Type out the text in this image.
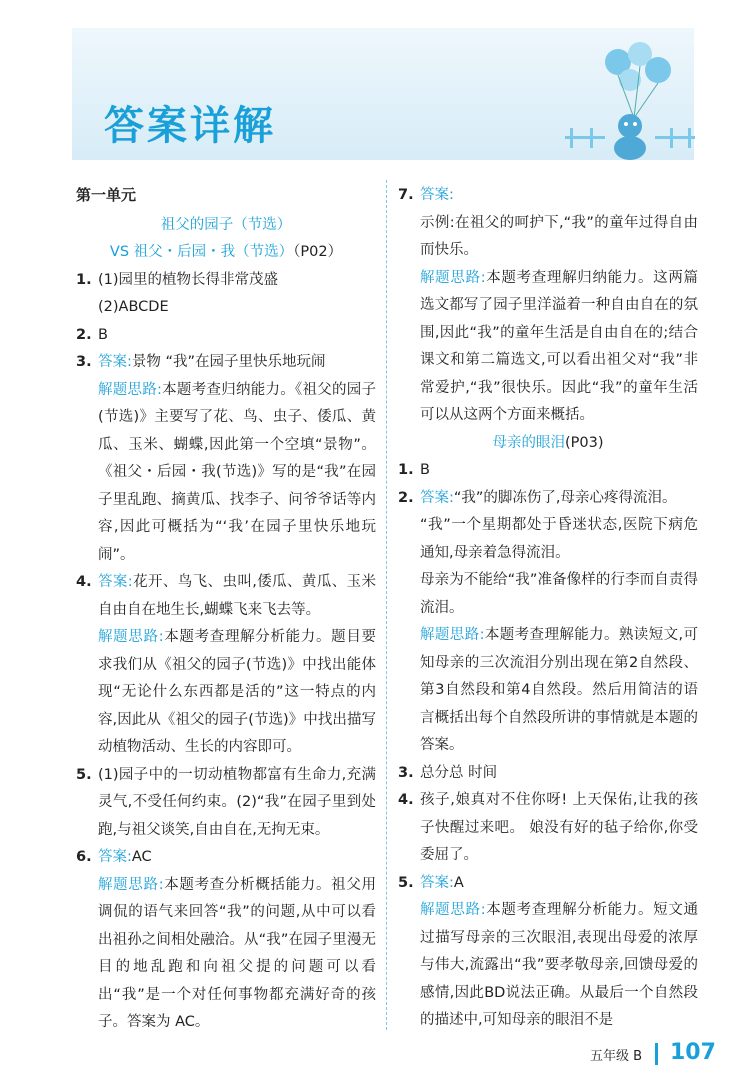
答案详解

第一单元

祖父的园子（节选）

VS 祖父・后园・我（节选）（P02）

1. (1)园里的植物长得非常茂盛
(2)ABCDE
2. B
3. 答案:景物 “我”在园子里快乐地玩闹
解题思路:本题考查归纳能力。《祖父的园子(节选)》主要写了花、鸟、虫子、倭瓜、黄瓜、玉米、蝴蝶,因此第一个空填“景物”。《祖父・后园・我(节选)》写的是“我”在园子里乱跑、摘黄瓜、找李子、问爷爷话等内容,因此可概括为“‘我’在园子里快乐地玩闹”。
4. 答案:花开、鸟飞、虫叫,倭瓜、黄瓜、玉米自由自在地生长,蝴蝶飞来飞去等。
解题思路:本题考查理解分析能力。题目要求我们从《祖父的园子(节选)》中找出能体现“无论什么东西都是活的”这一特点的内容,因此从《祖父的园子(节选)》中找出描写动植物活动、生长的内容即可。
5. (1)园子中的一切动植物都富有生命力,充满灵气,不受任何约束。(2)“我”在园子里到处跑,与祖父谈笑,自由自在,无拘无束。
6. 答案:AC
解题思路:本题考查分析概括能力。祖父用调侃的语气来回答“我”的问题,从中可以看出祖孙之间相处融洽。从“我”在园子里漫无目的地乱跑和向祖父提的问题可以看出“我”是一个对任何事物都充满好奇的孩子。答案为 AC。
7. 答案:
示例:在祖父的呵护下,“我”的童年过得自由而快乐。
解题思路:本题考查理解归纳能力。这两篇选文都写了园子里洋溢着一种自由自在的氛围,因此“我”的童年生活是自由自在的;结合课文和第二篇选文,可以看出祖父对“我”非常爱护,“我”很快乐。因此“我”的童年生活可以从这两个方面来概括。

母亲的眼泪(P03)

1. B
2. 答案:“我”的脚冻伤了,母亲心疼得流泪。
“我”一个星期都处于昏迷状态,医院下病危通知,母亲着急得流泪。
母亲为不能给“我”准备像样的行李而自责得流泪。
解题思路:本题考查理解能力。熟读短文,可知母亲的三次流泪分别出现在第2自然段、第3自然段和第4自然段。然后用简洁的语言概括出每个自然段所讲的事情就是本题的答案。
3. 总分总 时间
4. 孩子,娘真对不住你呀! 上天保佑,让我的孩子快醒过来吧。 娘没有好的毡子给你,你受委屈了。
5. 答案:A
解题思路:本题考查理解分析能力。短文通过描写母亲的三次眼泪,表现出母爱的浓厚与伟大,流露出“我”要孝敬母亲,回馈母爱的感情,因此BD说法正确。从最后一个自然段的描述中,可知母亲的眼泪不是
五年级 B 107
